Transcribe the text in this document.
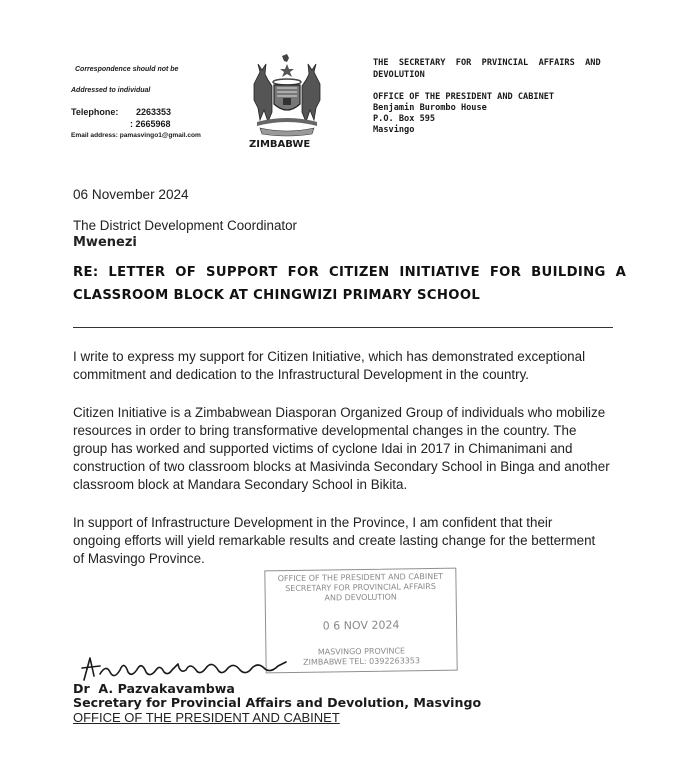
Correspondence should not be
Addressed to individual
Telephone: 2263353
: 2665968
Email address: pamasvingo1@gmail.com
ZIMBABWE
THE  SECRETARY  FOR  PRVINCIAL  AFFAIRS  AND
DEVOLUTION
OFFICE OF THE PRESIDENT AND CABINET
Benjamin Burombo House
P.O. Box 595
Masvingo
06 November 2024
The District Development Coordinator
Mwenezi
RE:  LETTER  OF  SUPPORT  FOR  CITIZEN  INITIATIVE  FOR  BUILDING  A
CLASSROOM BLOCK AT CHINGWIZI PRIMARY SCHOOL
I write to express my support for Citizen Initiative, which has demonstrated exceptional
commitment and dedication to the Infrastructural Development in the country.
Citizen Initiative is a Zimbabwean Diasporan Organized Group of individuals who mobilize
resources in order to bring transformative developmental changes in the country. The
group has worked and supported victims of cyclone Idai in 2017 in Chimanimani and
construction of two classroom blocks at Masivinda Secondary School in Binga and another
classroom block at Mandara Secondary School in Bikita.
In support of Infrastructure Development in the Province, I am confident that their
ongoing efforts will yield remarkable results and create lasting change for the betterment
of Masvingo Province.
OFFICE OF THE PRESIDENT AND CABINET
SECRETARY FOR PROVINCIAL AFFAIRS
AND DEVOLUTION
0 6 NOV 2024
MASVINGO PROVINCE
ZIMBABWE TEL: 0392263353
Dr  A. Pazvakavambwa
Secretary for Provincial Affairs and Devolution, Masvingo
OFFICE OF THE PRESIDENT AND CABINET
